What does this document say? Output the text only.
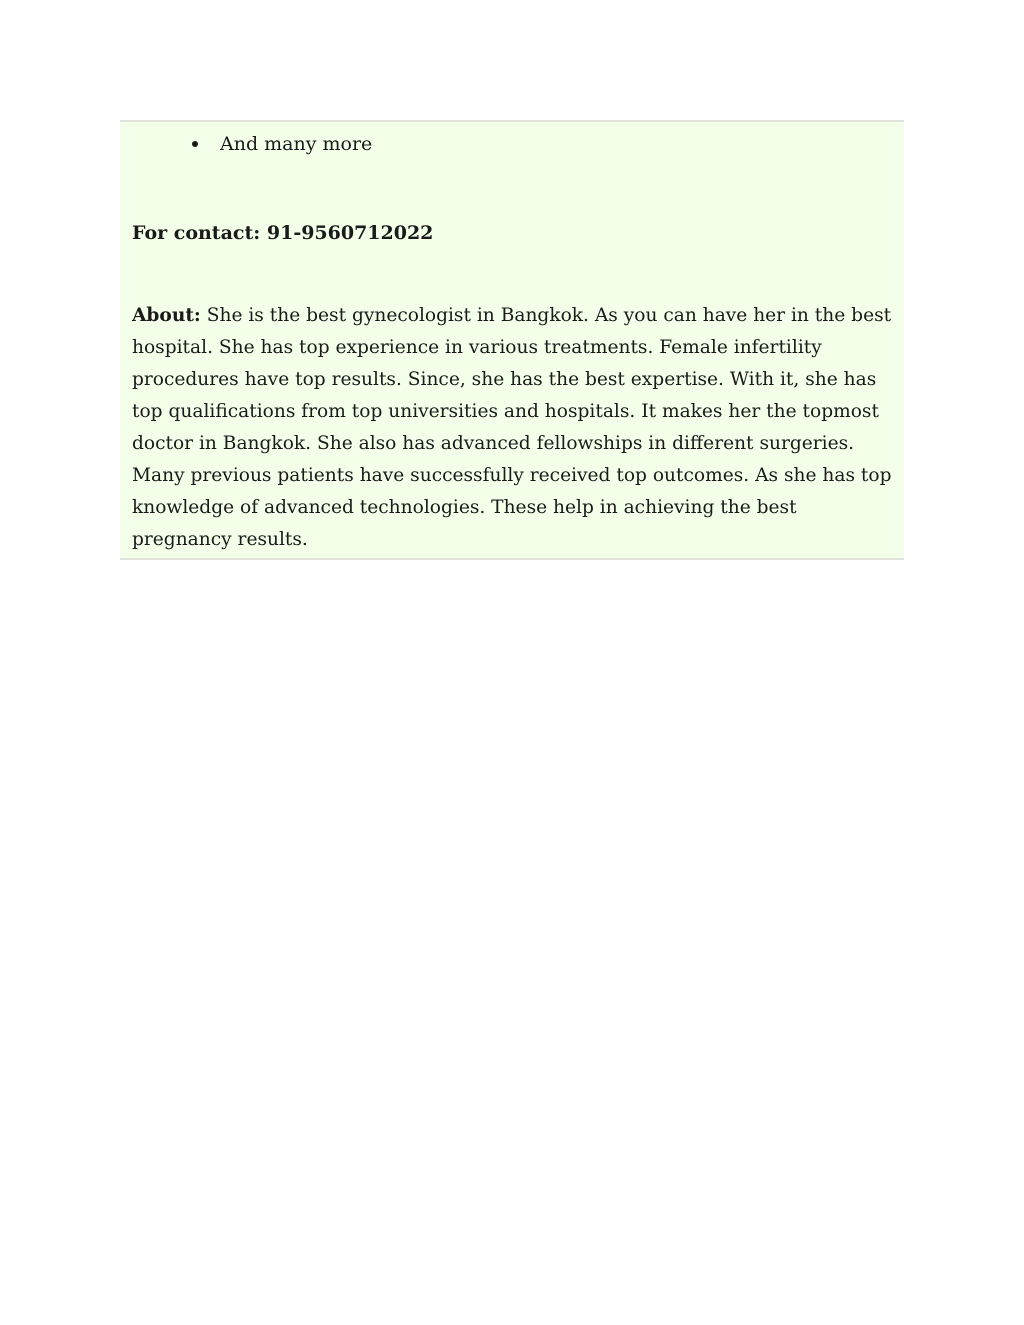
And many more
For contact: 91-9560712022

About: She is the best gynecologist in Bangkok. As you can have her in the best hospital. She has top experience in various treatments. Female infertility procedures have top results. Since, she has the best expertise. With it, she has top qualifications from top universities and hospitals. It makes her the topmost doctor in Bangkok. She also has advanced fellowships in different surgeries. Many previous patients have successfully received top outcomes. As she has top knowledge of advanced technologies. These help in achieving the best pregnancy results.
